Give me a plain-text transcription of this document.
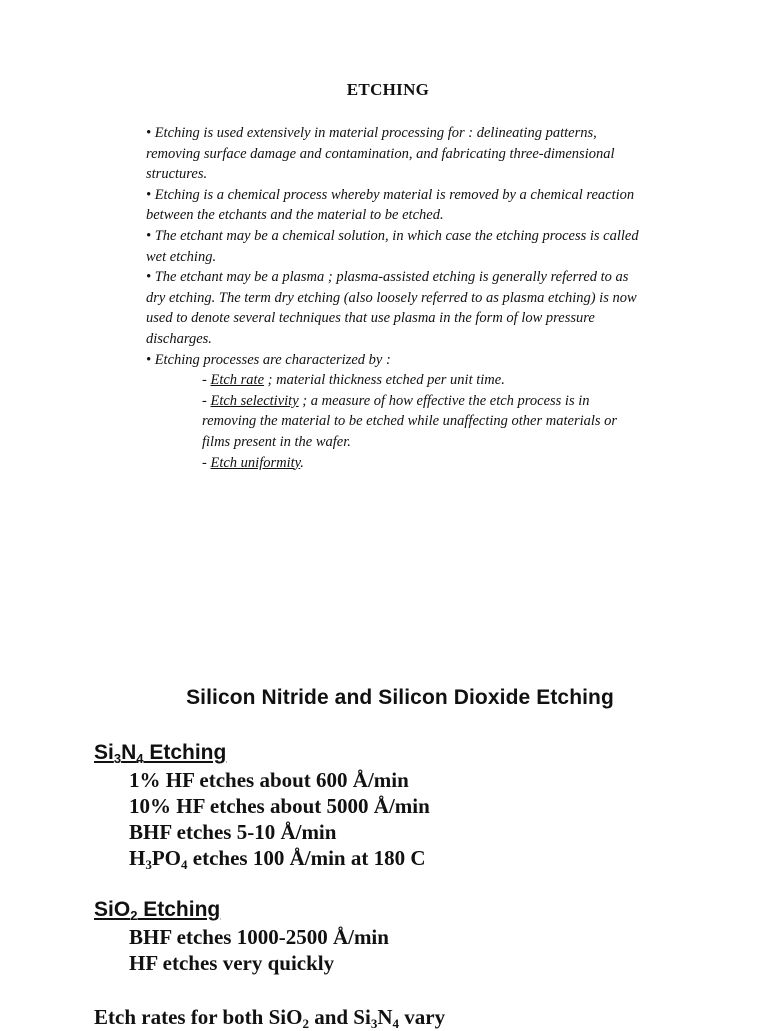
ETCHING

• Etching is used extensively in material processing for : delineating patterns, removing surface damage and contamination, and fabricating three-dimensional structures.

• Etching is a chemical process whereby material is removed by a chemical reaction between the etchants and the material to be etched.

• The etchant may be a chemical solution, in which case the etching process is called wet etching.

• The etchant may be a plasma ; plasma-assisted etching is generally referred to as dry etching. The term dry etching (also loosely referred to as plasma etching) is now used to denote several techniques that use plasma in the form of low pressure discharges.

• Etching processes are characterized by :

- Etch rate ; material thickness etched per unit time.

- Etch selectivity ; a measure of how effective the etch process is in removing the material to be etched while unaffecting other materials or films present in the wafer.

- Etch uniformity.

Silicon Nitride and Silicon Dioxide Etching
$Si_3N_4$ Etching
1% HF etches about 600 Å/min
10% HF etches about 5000 Å/min
BHF etches 5-10 Å/min
$H_3PO_4$ etches 100 Å/min at 180 C
SiO$_2$ Etching
BHF etches 1000-2500 Å/min
HF etches very quickly
Etch rates for both SiO$_2$ and $Si_3N_4$ vary
